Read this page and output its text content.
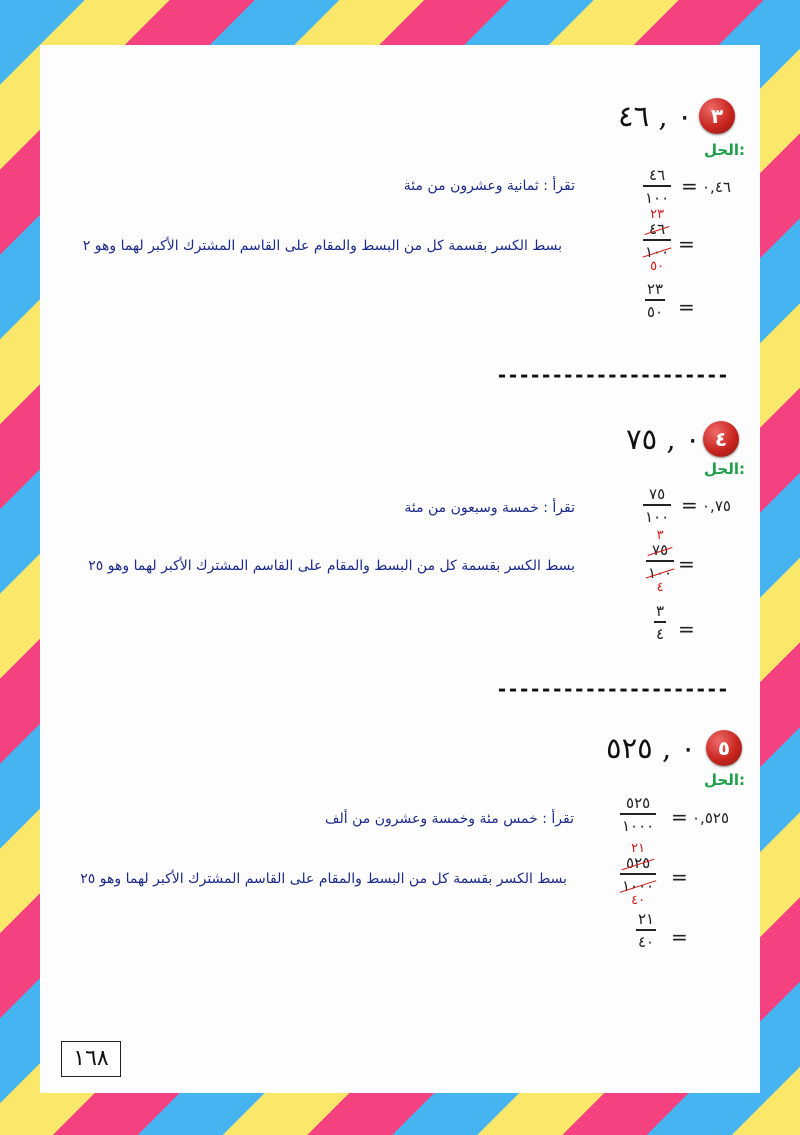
٣
٠ , ٤٦
الحل:
٤٦
١٠٠ = ٠,٤٦
تقرأ : ثمانية وعشرون من مئة
٢٣
٤٦
١٠٠
٥٠
=
بسط الكسر بقسمة كل من البسط والمقام على القاسم المشترك الأكبر لهما وهو ٢
٢٣
٥٠ =
---------------------
٤
٠ , ٧٥
الحل:
٧٥
١٠٠ = ٠,٧٥
تقرأ : خمسة وسبعون من مئة
٣
٧٥
١٠٠
٤
=
بسط الكسر بقسمة كل من البسط والمقام على القاسم المشترك الأكبر لهما وهو ٢٥
٣
٤ =
---------------------
٥
٠ , ٥٢٥
الحل:
٥٢٥
١٠٠٠ = ٠,٥٢٥
تقرأ : خمس مئة وخمسة وعشرون من ألف
٢١
٥٢٥
١٠٠٠
٤٠
=
بسط الكسر بقسمة كل من البسط والمقام على القاسم المشترك الأكبر لهما وهو ٢٥
٢١
٤٠ =
١٦٨
